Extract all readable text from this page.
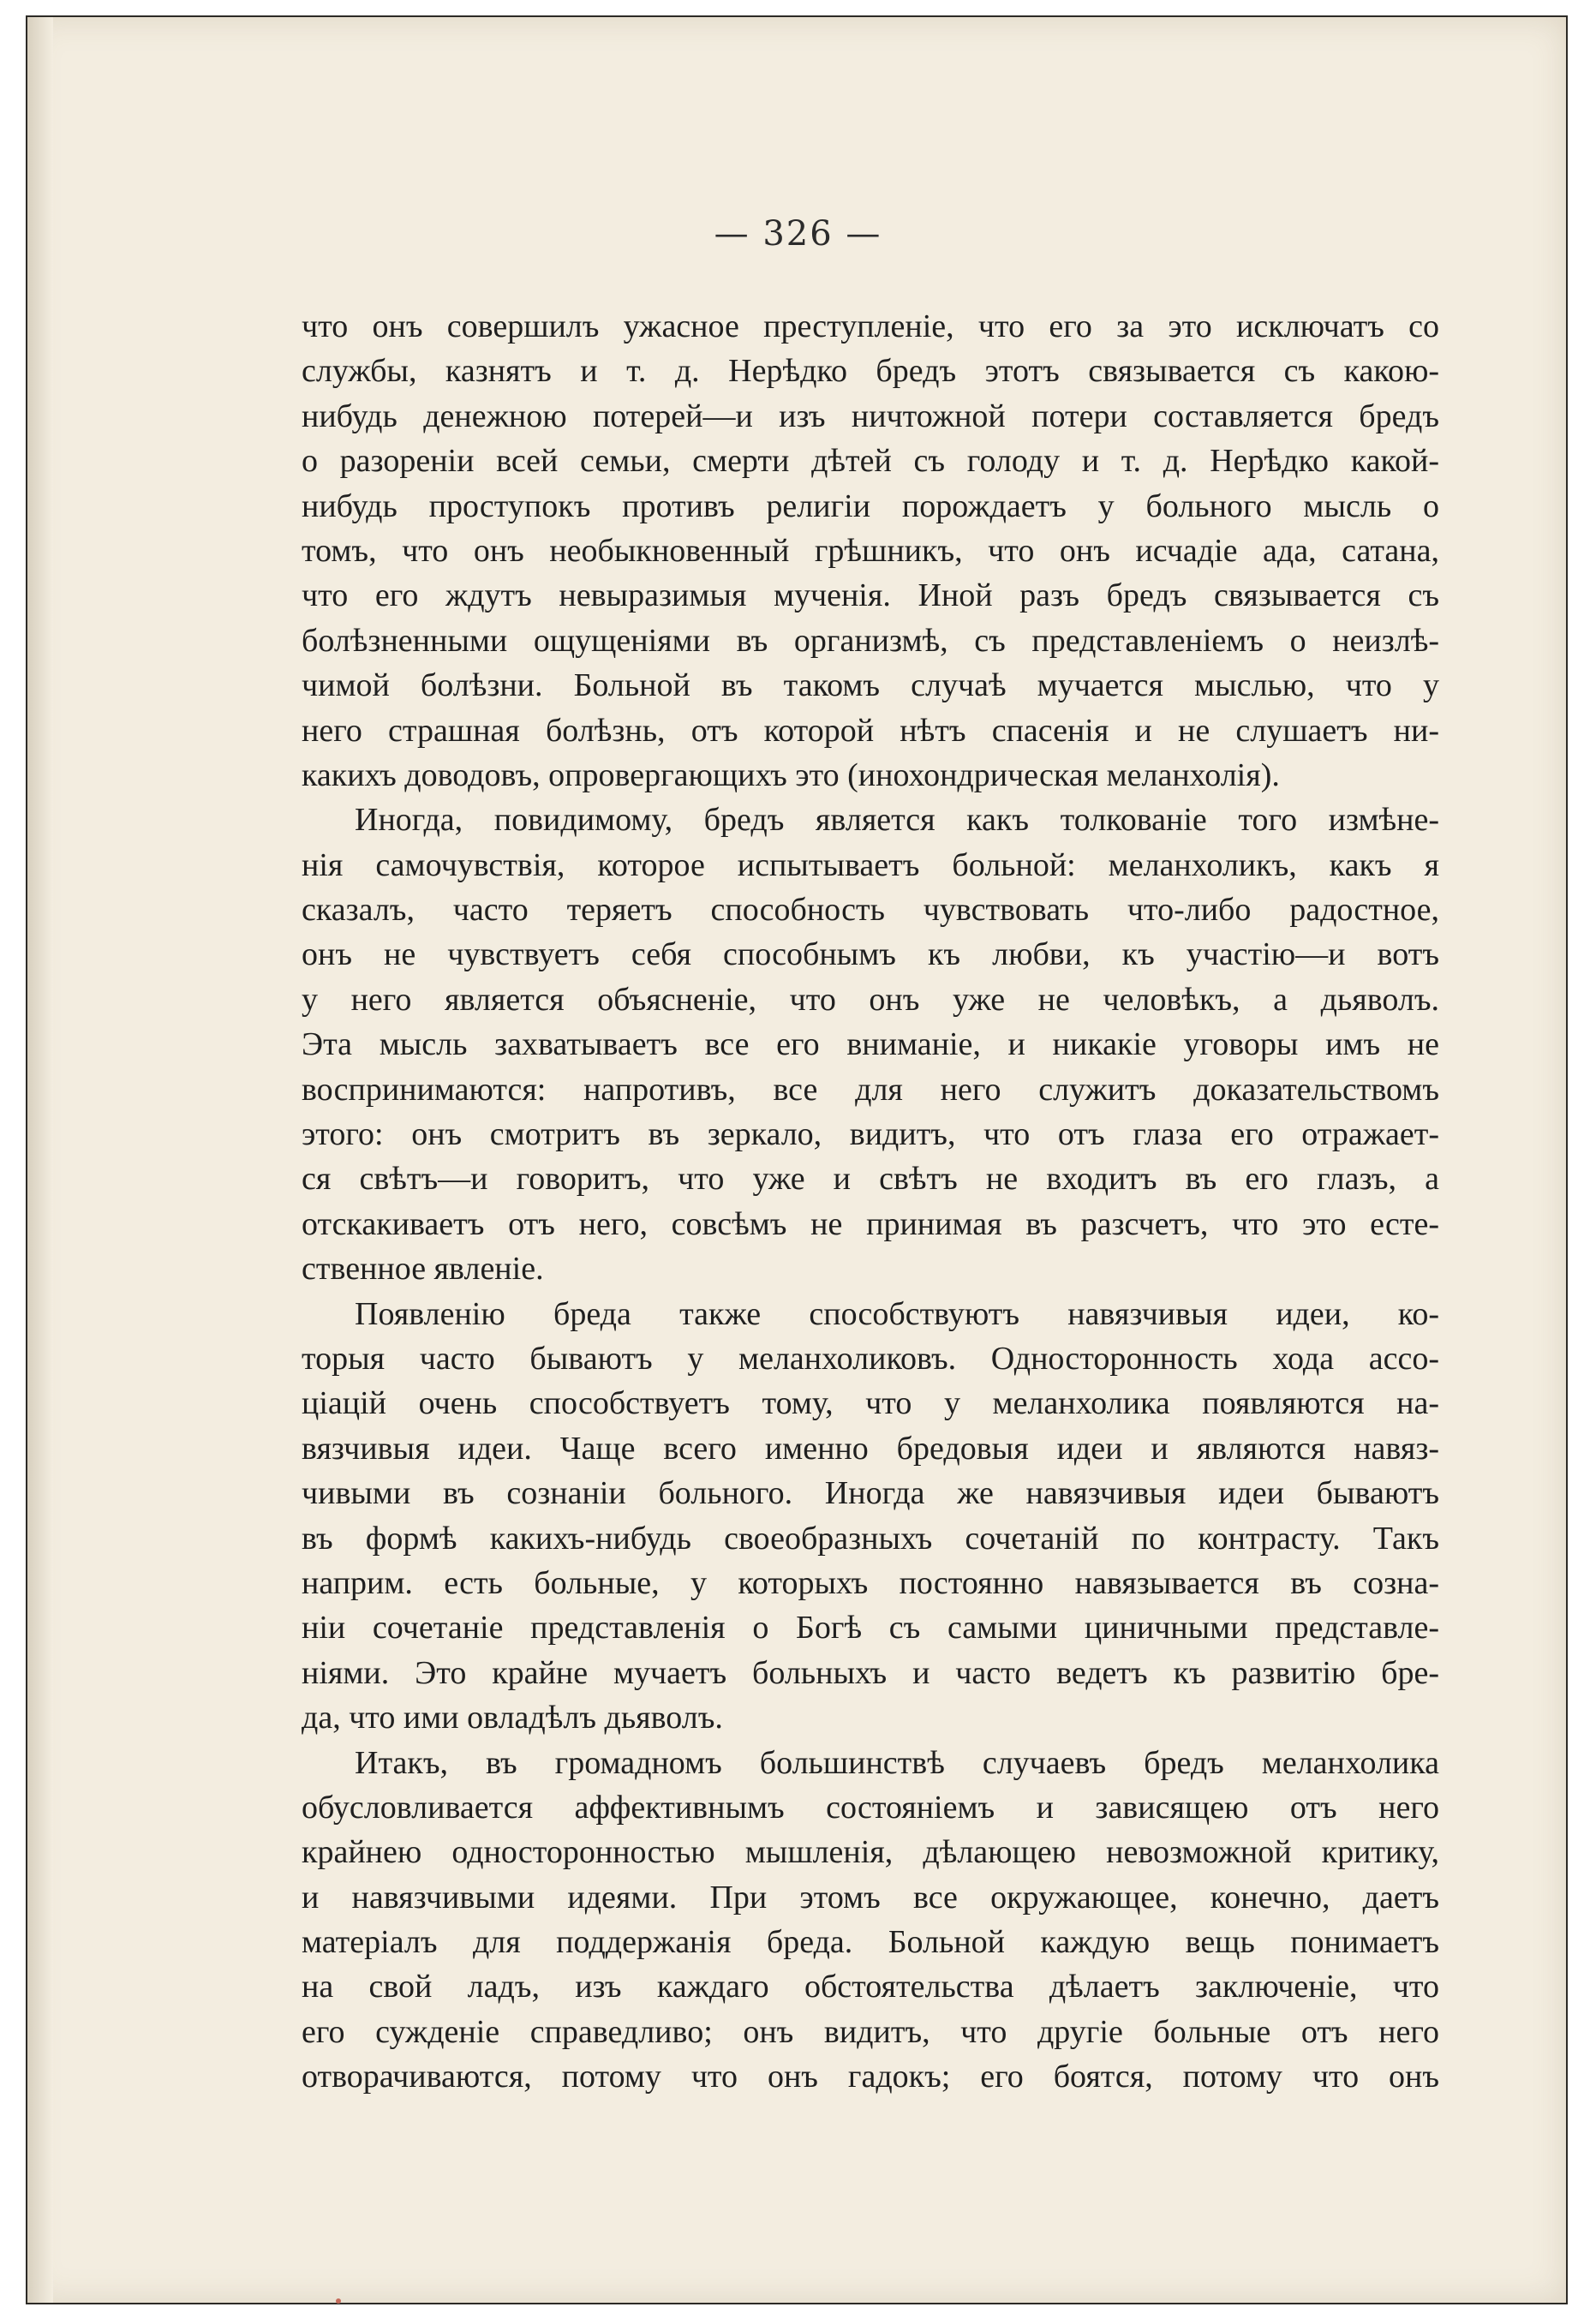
— 326 —
что онъ совершилъ ужасное преступленіе, что его за это исключатъ со
службы, казнятъ и т. д. Нерѣдко бредъ этотъ связывается съ какою-
нибудь денежною потерей—и изъ ничтожной потери составляется бредъ
о разореніи всей семьи, смерти дѣтей съ голоду и т. д. Нерѣдко какой-
нибудь проступокъ противъ религіи порождаетъ у больного мысль о
томъ, что онъ необыкновенный грѣшникъ, что онъ исчадіе ада, сатана,
что его ждутъ невыразимыя мученія. Иной разъ бредъ связывается съ
болѣзненными ощущеніями въ организмѣ, съ представленіемъ о неизлѣ-
чимой болѣзни. Больной въ такомъ случаѣ мучается мыслью, что у
него страшная болѣзнь, отъ которой нѣтъ спасенія и не слушаетъ ни-
какихъ доводовъ, опровергающихъ это (инохондрическая меланхолія).
Иногда, повидимому, бредъ является какъ толкованіе того измѣне-
нія самочувствія, которое испытываетъ больной: меланхоликъ, какъ я
сказалъ, часто теряетъ способность чувствовать что-либо радостное,
онъ не чувствуетъ себя способнымъ къ любви, къ участію—и вотъ
у него является объясненіе, что онъ уже не человѣкъ, а дьяволъ.
Эта мысль захватываетъ все его вниманіе, и никакіе уговоры имъ не
воспринимаются: напротивъ, все для него служитъ доказательствомъ
этого: онъ смотритъ въ зеркало, видитъ, что отъ глаза его отражает-
ся свѣтъ—и говоритъ, что уже и свѣтъ не входитъ въ его глазъ, а
отскакиваетъ отъ него, совсѣмъ не принимая въ разсчетъ, что это есте-
ственное явленіе.
Появленію бреда также способствуютъ навязчивыя идеи, ко-
торыя часто бываютъ у меланхоликовъ. Односторонность хода ассо-
ціацій очень способствуетъ тому, что у меланхолика появляются на-
вязчивыя идеи. Чаще всего именно бредовыя идеи и являются навяз-
чивыми въ сознаніи больного. Иногда же навязчивыя идеи бываютъ
въ формѣ какихъ-нибудь своеобразныхъ сочетаній по контрасту. Такъ
наприм. есть больные, у которыхъ постоянно навязывается въ созна-
ніи сочетаніе представленія о Богѣ съ самыми циничными представле-
ніями. Это крайне мучаетъ больныхъ и часто ведетъ къ развитію бре-
да, что ими овладѣлъ дьяволъ.
Итакъ, въ громадномъ большинствѣ случаевъ бредъ меланхолика
обусловливается аффективнымъ состояніемъ и зависящею отъ него
крайнею односторонностью мышленія, дѣлающею невозможной критику,
и навязчивыми идеями. При этомъ все окружающее, конечно, даетъ
матеріалъ для поддержанія бреда. Больной каждую вещь понимаетъ
на свой ладъ, изъ каждаго обстоятельства дѣлаетъ заключеніе, что
его сужденіе справедливо; онъ видитъ, что другіе больные отъ него
отворачиваются, потому что онъ гадокъ; его боятся, потому что онъ
